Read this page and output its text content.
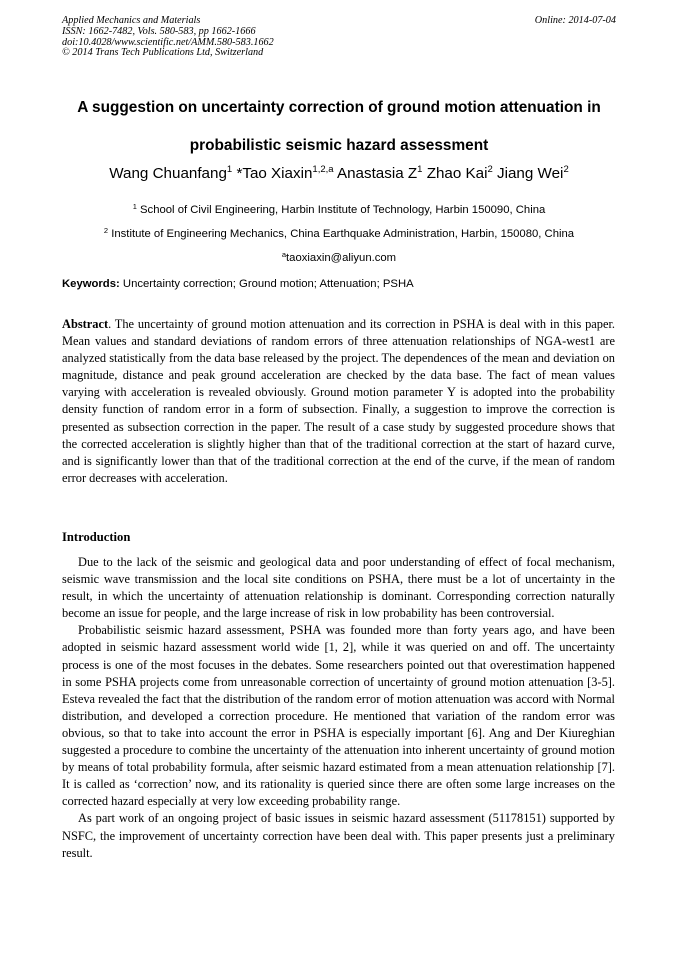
Applied Mechanics and Materials
ISSN: 1662-7482, Vols. 580-583, pp 1662-1666
doi:10.4028/www.scientific.net/AMM.580-583.1662
© 2014 Trans Tech Publications Ltd, Switzerland
Online: 2014-07-04
A suggestion on uncertainty correction of ground motion attenuation in
probabilistic seismic hazard assessment
Wang Chuanfang$^1$ *Tao Xiaxin$^{1,2,a}$ Anastasia $Z^1$ Zhao Kai$^2$ Jiang Wei$^2$
$^1$ School of Civil Engineering, Harbin Institute of Technology, Harbin 150090, China
$^2$ Institute of Engineering Mechanics, China Earthquake Administration, Harbin, 150080, China
$^a$taoxiaxin@aliyun.com
Keywords: Uncertainty correction; Ground motion; Attenuation; PSHA

Abstract. The uncertainty of ground motion attenuation and its correction in PSHA is deal with in this paper. Mean values and standard deviations of random errors of three attenuation relationships of NGA-west1 are analyzed statistically from the data base released by the project. The dependences of the mean and deviation on magnitude, distance and peak ground acceleration are checked by the data base. The fact of mean values varying with acceleration is revealed obviously. Ground motion parameter Y is adopted into the probability density function of random error in a form of subsection. Finally, a suggestion to improve the correction is presented as subsection correction in the paper. The result of a case study by suggested procedure shows that the corrected acceleration is slightly higher than that of the traditional correction at the start of hazard curve, and is significantly lower than that of the traditional correction at the end of the curve, if the mean of random error decreases with acceleration.

Introduction

Due to the lack of the seismic and geological data and poor understanding of effect of focal mechanism, seismic wave transmission and the local site conditions on PSHA, there must be a lot of uncertainty in the result, in which the uncertainty of attenuation relationship is dominant. Corresponding correction naturally become an issue for people, and the large increase of risk in low probability has been controversial.

Probabilistic seismic hazard assessment, PSHA was founded more than forty years ago, and have been adopted in seismic hazard assessment world wide [1, 2], while it was queried on and off. The uncertainty process is one of the most focuses in the debates. Some researchers pointed out that overestimation happened in some PSHA projects come from unreasonable correction of uncertainty of ground motion attenuation [3-5]. Esteva revealed the fact that the distribution of the random error of motion attenuation was accord with Normal distribution, and developed a correction procedure. He mentioned that variation of the random error was obvious, so that to take into account the error in PSHA is especially important [6]. Ang and Der Kiureghian suggested a procedure to combine the uncertainty of the attenuation into inherent uncertainty of ground motion by means of total probability formula, after seismic hazard estimated from a mean attenuation relationship [7]. It is called as ‘correction’ now, and its rationality is queried since there are often some large increases on the corrected hazard especially at very low exceeding probability range.

As part work of an ongoing project of basic issues in seismic hazard assessment (51178151) supported by NSFC, the improvement of uncertainty correction have been deal with. This paper presents just a preliminary result.
